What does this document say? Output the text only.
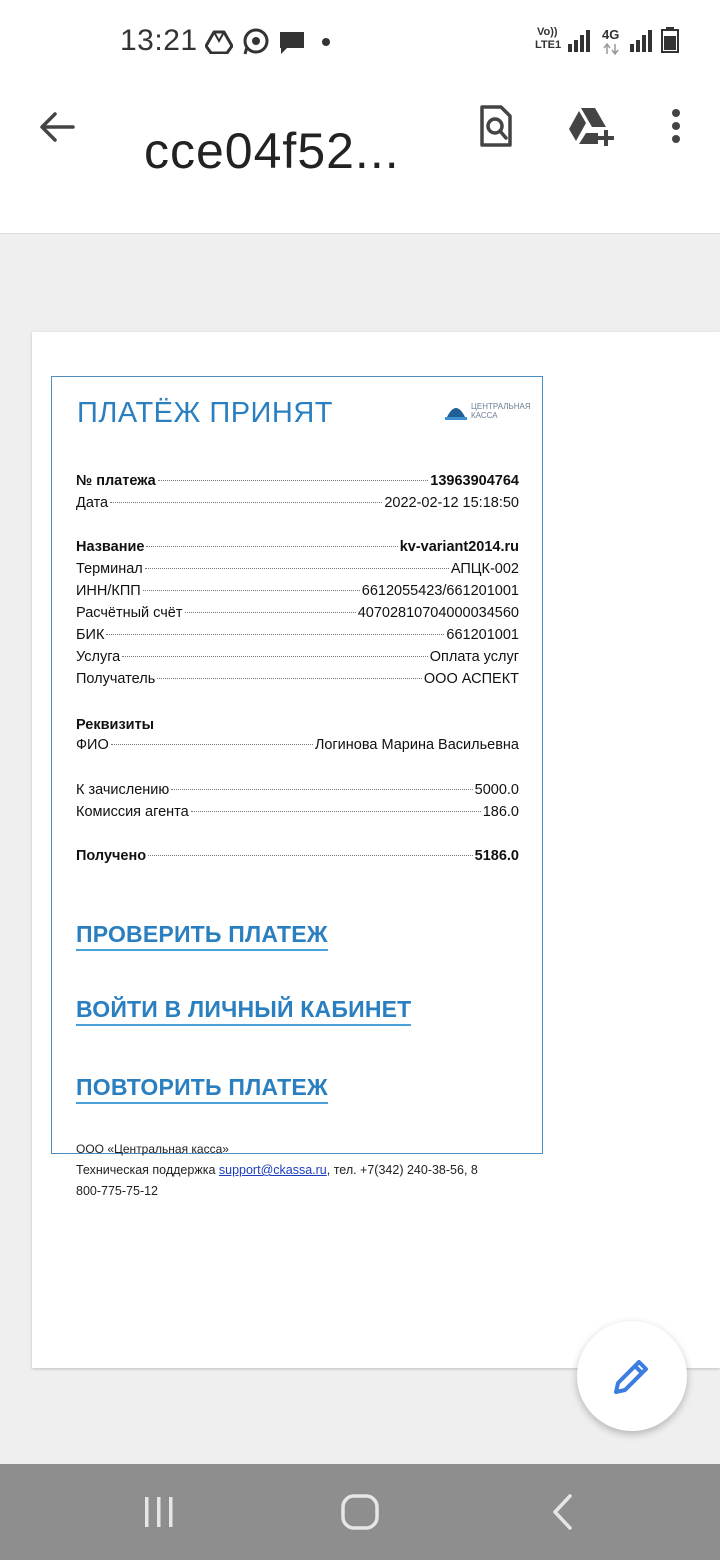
13:21	Vo))
LTE1
4G
cce04f52...
ПЛАТЁЖ ПРИНЯТ	ЦЕНТРАЛЬНАЯ КАССА
№ платежа	13963904764
Дата	2022-02-12 15:18:50
Название	kv-variant2014.ru
Терминал	АПЦК-002
ИНН/КПП	6612055423/661201001
Расчётный счёт	40702810704000034560
БИК	661201001
Услуга	Оплата услуг
Получатель	ООО АСПЕКТ
Реквизиты
ФИО	Логинова Марина Васильевна
К зачислению	5000.0
Комиссия агента	186.0
Получено	5186.0
ПРОВЕРИТЬ ПЛАТЕЖ
ВОЙТИ В ЛИЧНЫЙ КАБИНЕТ
ПОВТОРИТЬ ПЛАТЕЖ
ООО «Центральная касса»
Техническая поддержка support@ckassa.ru, тел. +7(342) 240-38-56, 8
800-775-75-12
